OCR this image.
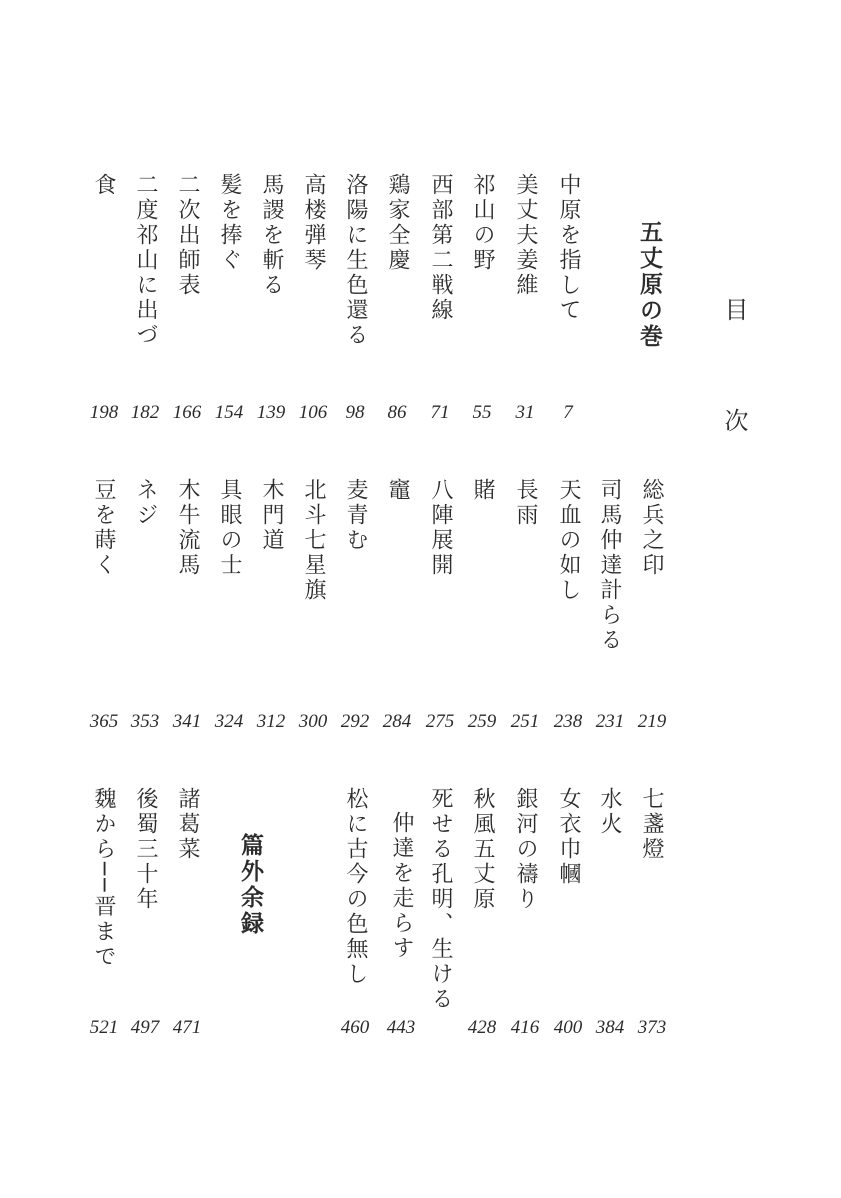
目
次
五丈原の巻
中原を指して
美丈夫姜維
祁山の野
西部第二戦線
鶏家全慶
洛陽に生色還る
高楼弾琴
馬謖を斬る
髪を捧ぐ
二次出師表
二度祁山に出づ
食
7
31
55
71
86
98
106
139
154
166
182
198
総兵之印
司馬仲達計らる
天血の如し
長雨
賭
八陣展開
竈
麦青む
北斗七星旗
木門道
具眼の士
木牛流馬
ネジ
豆を蒔く
219
231
238
251
259
275
284
292
300
312
324
341
353
365
七盞燈
水火
女衣巾幗
銀河の禱り
秋風五丈原
死せる孔明、生ける
仲達を走らす
松に古今の色無し
篇外余録
諸葛菜
後蜀三十年
魏から──晋まで
373
384
400
416
428
443
460
471
497
521
